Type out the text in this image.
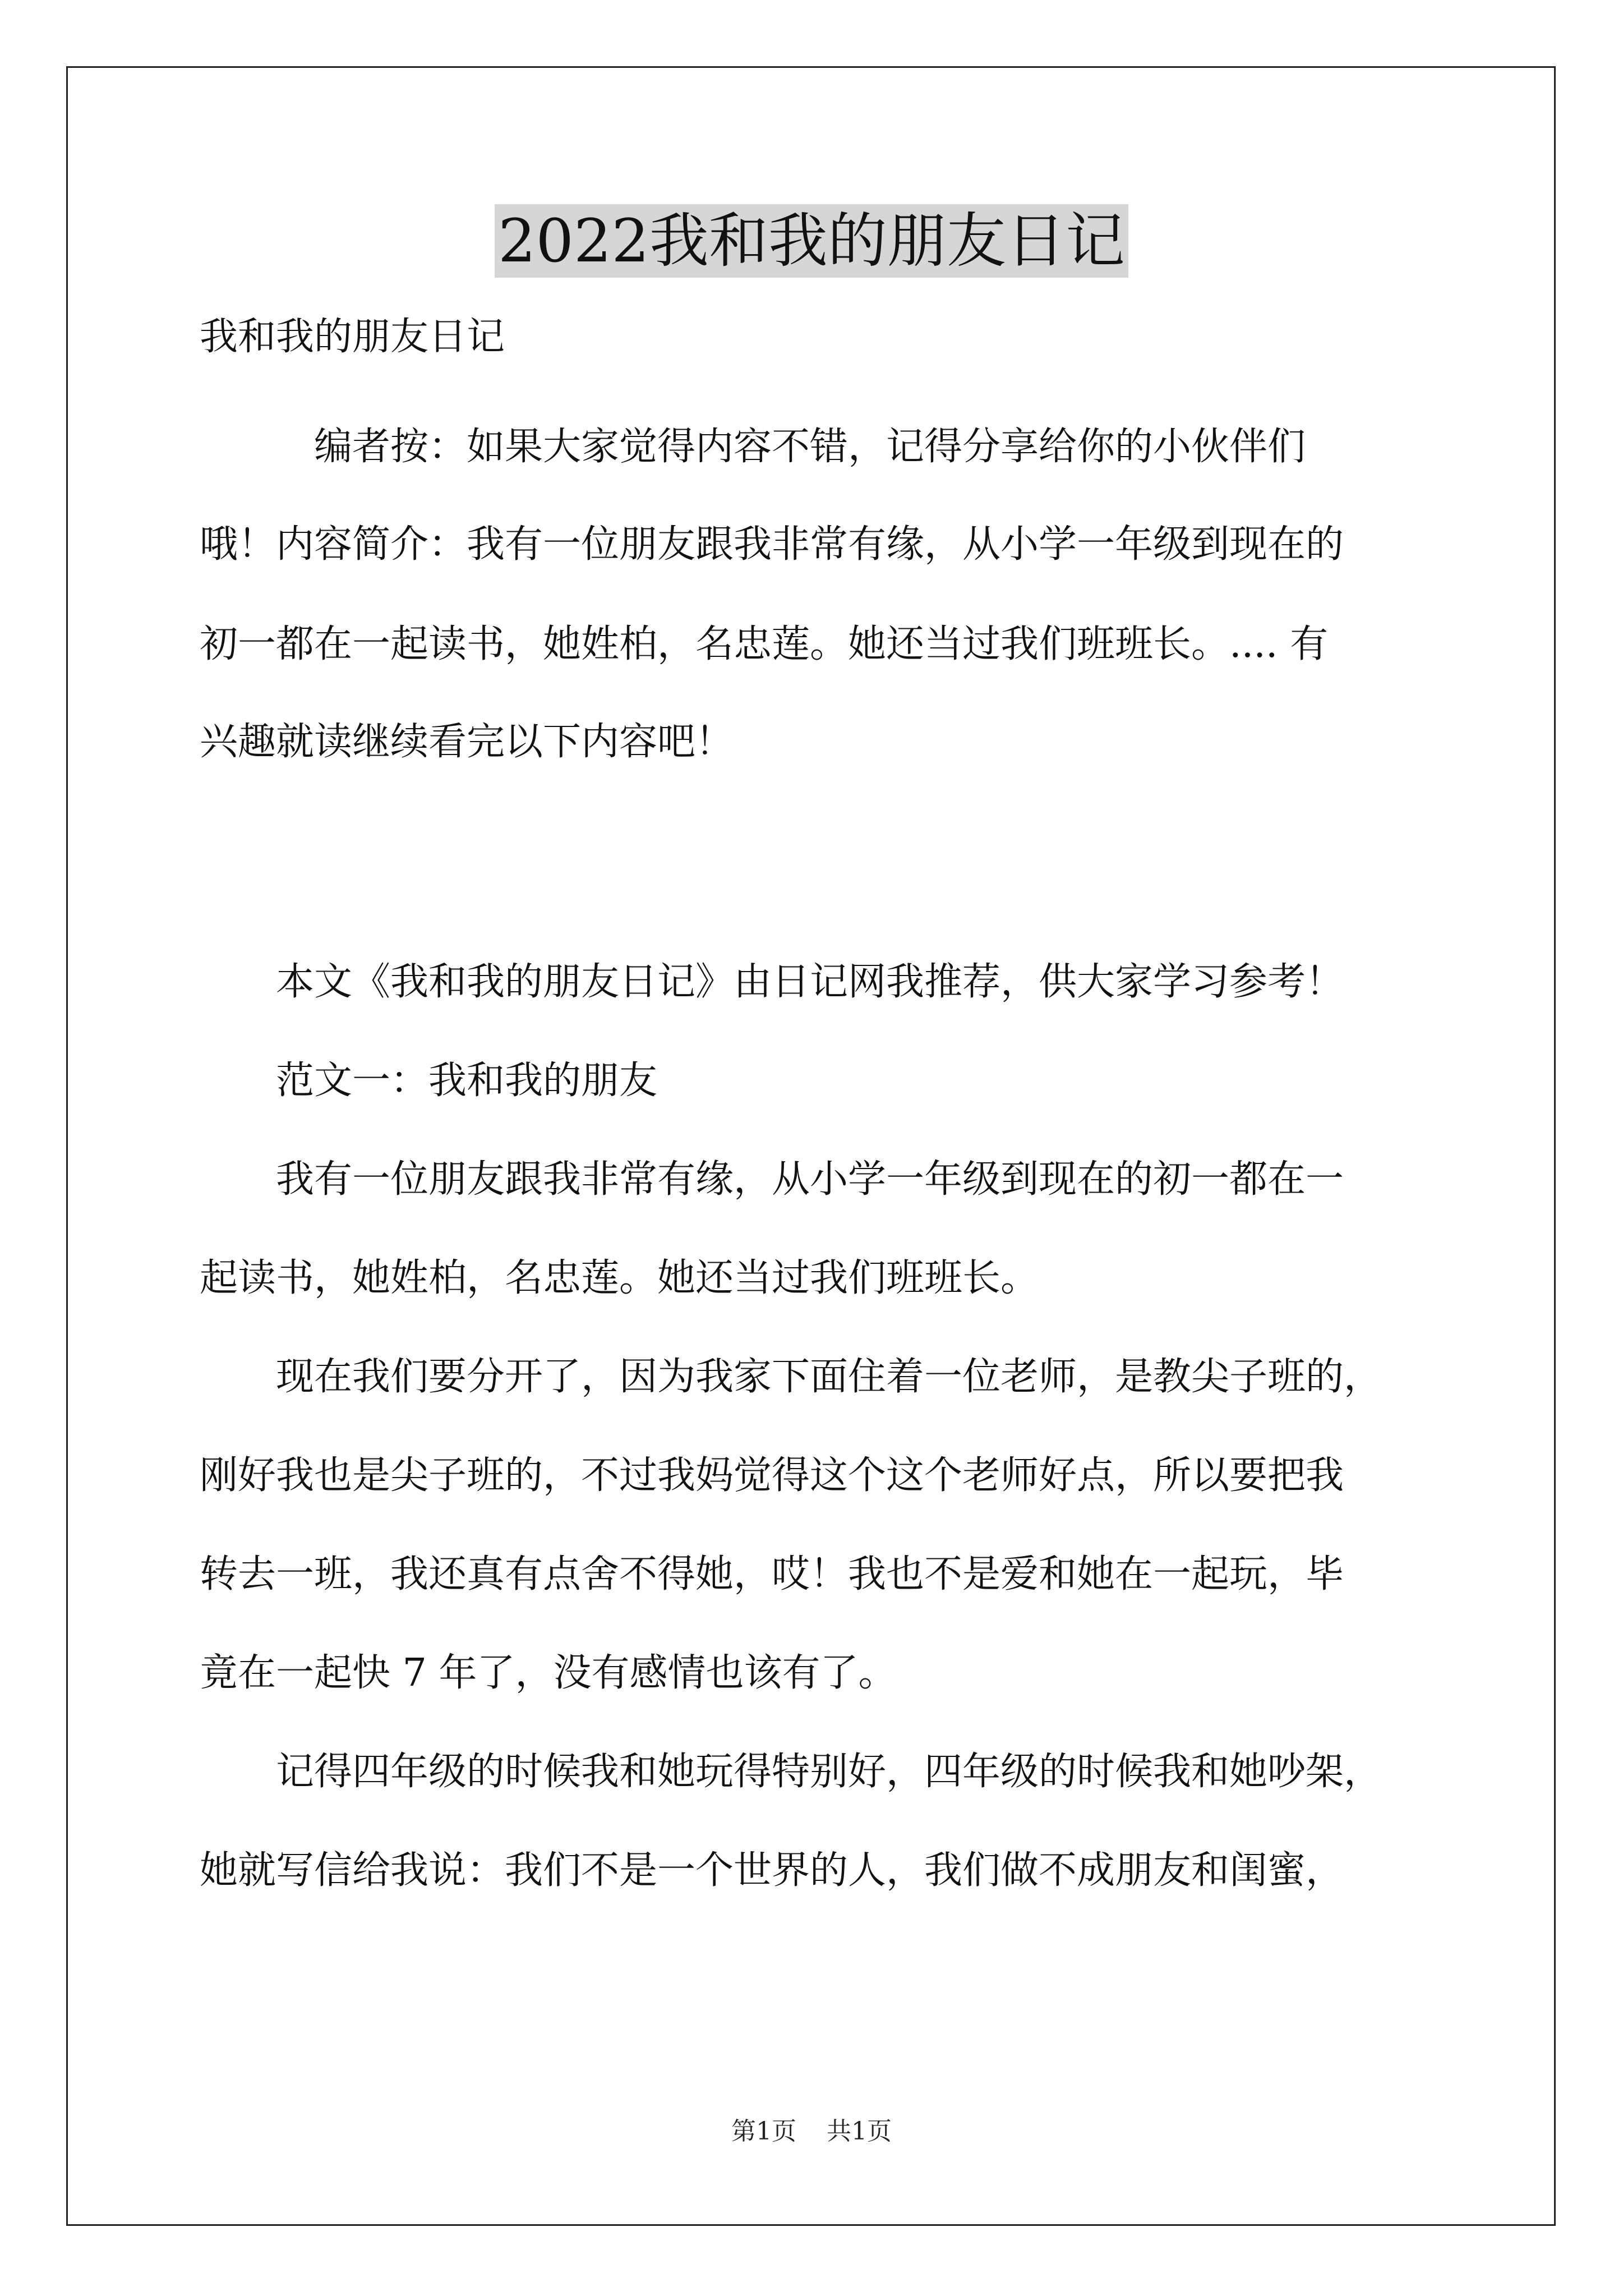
2022我和我的朋友日记
我和我的朋友日记
　　　编者按：如果大家觉得内容不错，记得分享给你的小伙伴们
哦！内容简介：我有一位朋友跟我非常有缘，从小学一年级到现在的
初一都在一起读书，她姓柏，名忠莲。她还当过我们班班长。.... 有
兴趣就读继续看完以下内容吧！
　　本文《我和我的朋友日记》由日记网我推荐，供大家学习参考！
　　范文一：我和我的朋友
　　我有一位朋友跟我非常有缘，从小学一年级到现在的初一都在一
起读书，她姓柏，名忠莲。她还当过我们班班长。
　　现在我们要分开了，因为我家下面住着一位老师，是教尖子班的，
刚好我也是尖子班的，不过我妈觉得这个这个老师好点，所以要把我
转去一班，我还真有点舍不得她，哎！我也不是爱和她在一起玩，毕
竟在一起快 7 年了，没有感情也该有了。
　　记得四年级的时候我和她玩得特别好，四年级的时候我和她吵架，
她就写信给我说：我们不是一个世界的人，我们做不成朋友和闺蜜，
第1页 共1页
